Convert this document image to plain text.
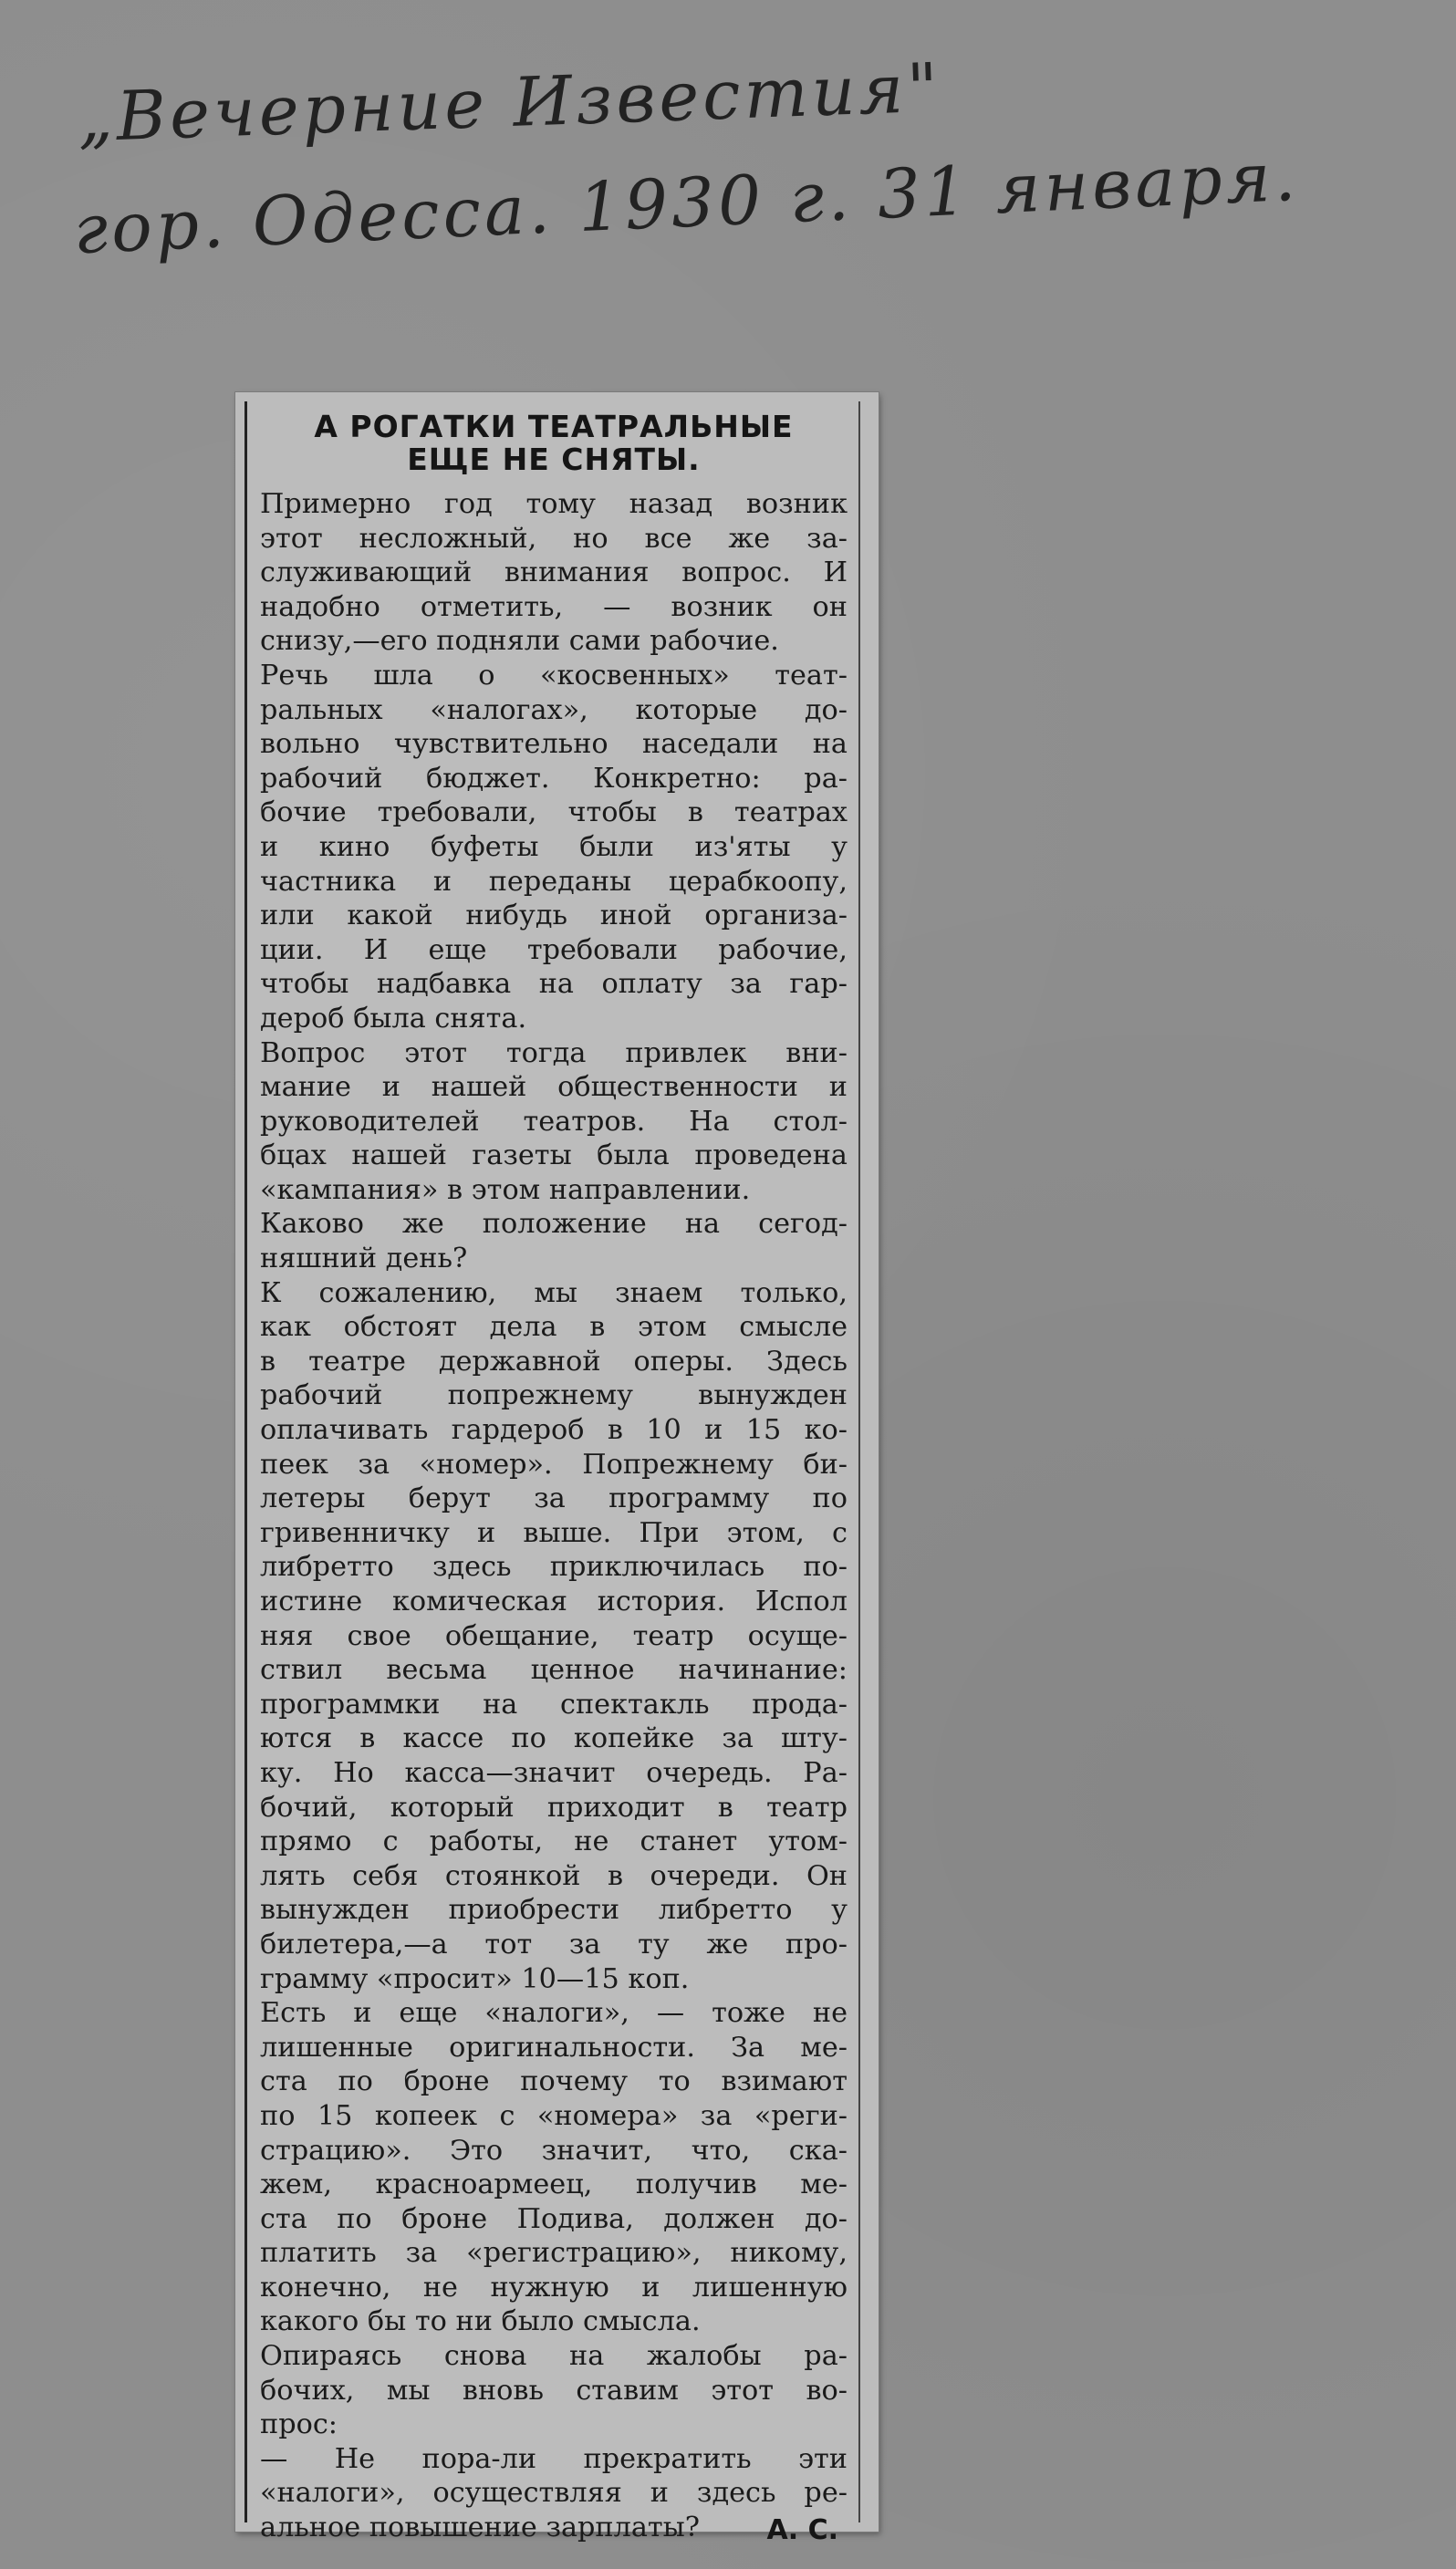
„Вечерние Известия"
гор. Одесса. 1930 г. 31 января.
А РОГАТКИ ТЕАТРАЛЬНЫЕ
ЕЩЕ НЕ СНЯТЫ.
Примерно год тому назад возник
этот несложный, но все же за-
служивающий внимания вопрос. И
надобно отметить, — возник он
снизу,—его подняли сами рабочие.
Речь шла о «косвенных» теат-
ральных «налогах», которые до-
вольно чувствительно наседали на
рабочий бюджет. Конкретно: ра-
бочие требовали, чтобы в театрах
и кино буфеты были из'яты у
частника и переданы церабкоопу,
или какой нибудь иной организа-
ции. И еще требовали рабочие,
чтобы надбавка на оплату за гар-
дероб была снята.
Вопрос этот тогда привлек вни-
мание и нашей общественности и
руководителей театров. На стол-
бцах нашей газеты была проведена
«кампания» в этом направлении.
Каково же положение на сегод-
няшний день?
К сожалению, мы знаем только,
как обстоят дела в этом смысле
в театре державной оперы. Здесь
рабочий попрежнему вынужден
оплачивать гардероб в 10 и 15 ко-
пеек за «номер». Попрежнему би-
летеры берут за программу по
гривенничку и выше. При этом, с
либретто здесь приключилась по-
истине комическая история. Испол
няя свое обещание, театр осуще-
ствил весьма ценное начинание:
программки на спектакль прода-
ются в кассе по копейке за шту-
ку. Но касса—значит очередь. Ра-
бочий, который приходит в театр
прямо с работы, не станет утом-
лять себя стоянкой в очереди. Он
вынужден приобрести либретто у
билетера,—а тот за ту же про-
грамму «просит» 10—15 коп.
Есть и еще «налоги», — тоже не
лишенные оригинальности. За ме-
ста по броне почему то взимают
по 15 копеек с «номера» за «реги-
страцию». Это значит, что, ска-
жем, красноармеец, получив ме-
ста по броне Подива, должен до-
платить за «регистрацию», никому,
конечно, не нужную и лишенную
какого бы то ни было смысла.
Опираясь снова на жалобы ра-
бочих, мы вновь ставим этот во-
прос:
— Не пора-ли прекратить эти
«налоги», осуществляя и здесь ре-
альное повышение зарплаты?	А. С.
